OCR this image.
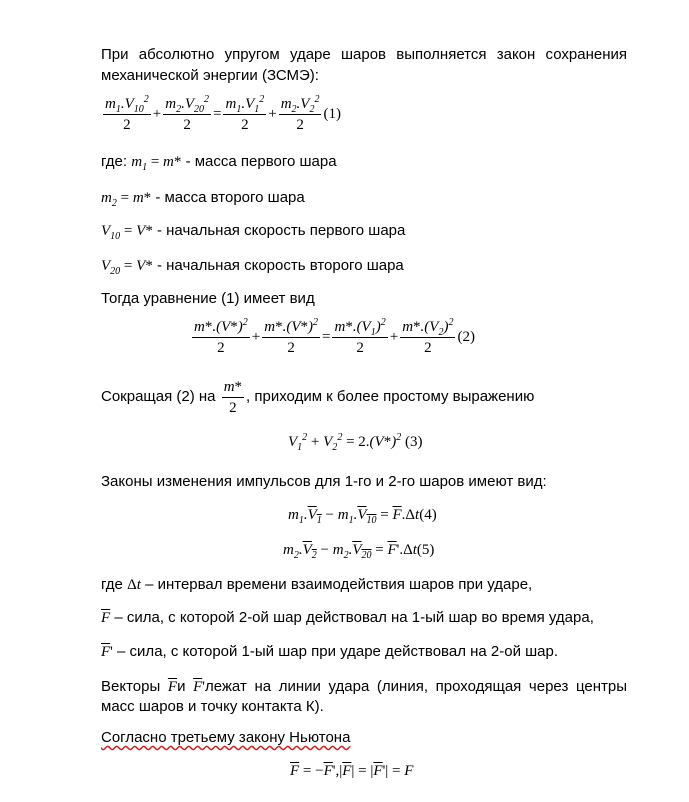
При абсолютно упругом ударе шаров выполняется закон сохранения
механической энергии (ЗСМЭ):
$\frac{m_1.V_{10}^2}{2} + \frac{m_2.V_{20}^2}{2} = \frac{m_1.V_1^2}{2} + \frac{m_2.V_2^2}{2} (1)$
где: $m_1 = m*$ - масса первого шара
$m_2 = m*$ - масса второго шара
$V_{10} = V*$ - начальная скорость первого шара
$V_{20} = V*$ - начальная скорость второго шара
Тогда уравнение (1) имеет вид
$\frac{m*.(V*)^2}{2} + \frac{m*.(V*)^2}{2} = \frac{m*.(V_1)^2}{2} + \frac{m*.(V_2)^2}{2} (2)$
Сокращая (2) на $\frac{m*}{2}$ , приходим к более простому выражению
$V_1^2 + V_2^2 = 2.(V*)^2$ (3)
Законы изменения импульсов для 1-го и 2-го шаров имеют вид:
$m_1.V_1 - m_1.V_{10} = \overline{F}.\Delta t(4)$
$m_2.V_2 - m_2.V_{20} = \overline{F}'.\Delta t(5)$
где Δt – интервал времени взаимодействия шаров при ударе,
$\overline{F}$ – сила, с которой 2-ой шар действовал на 1-ый шар во время удара,
$\overline{F}'$ – сила, с которой 1-ый шар при ударе действовал на 2-ой шар.
Векторы $\overline{F}и$ $\overline{F}'лежат$ на линии удара (линия, проходящая через центры
масс шаров и точку контакта К).
Согласно третьему закону Ньютона
$\overline{F} = -\overline{F}',|\overline{F}| = |\overline{F}'| = F$
